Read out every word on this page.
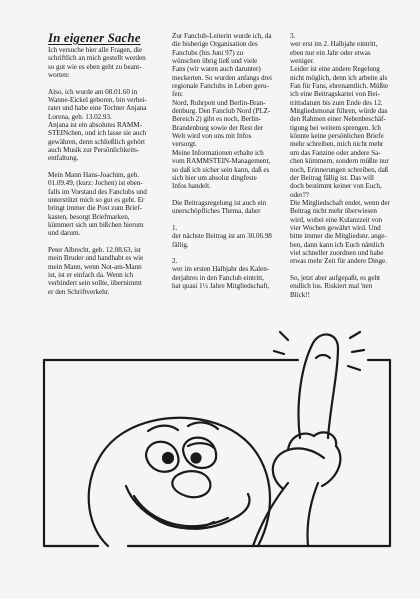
In eigener Sache

Ich versuche hier alle Fragen, die
schriftlich an mich gestellt werden
so gut wie es eben geht zu beant-
worten:

Also, ich wurde am 08.01.60 in
Wanne-Eickel geboren, bin verhei-
ratet und habe eine Tochter Anjana
Lorena, geb. 13.02.93.
Anjana ist ein absolutes RAMM-
STEINchen, und ich lasse sie auch
gewähren, denn schließlich gehört
auch Musik zur Persönlichkeits-
entfaltung.

Mein Mann Hans-Joachim, geb.
01.09.49, (kurz: Jochen) ist eben-
falls im Vorstand des Fanclubs und
unterstützt mich so gut es geht. Er
bringt immer die Post zum Brief-
kasten, besorgt Briefmarken,
kümmert sich um bißchen hierum
und darum.

Peter Albrecht, geb. 12.08.63, ist
mein Bruder und handhabt es wie
mein Mann, wenn Not-am-Mann
ist, ist er einfach da. Wenn ich
verhindert sein sollte, übernimmt
er den Schriftverkehr.

Zur Fanclub-Leiterin wurde ich, da
die bisherige Organisation des
Fanclubs (bis Juni 97) zu
wünschen übrig ließ und viele
Fans (wir waren auch darunter)
meckerten. So wurden anfangs drei
regionale Fanclubs in Leben geru-
fen:
Nord, Ruhrpott und Berlin-Bran-
denburg. Den Fanclub Nord (PLZ-
Bereich 2) gibt es noch, Berlin-
Brandenburg sowie der Rest der
Welt wird von uns mit Infos
versorgt.
Meine Informationen erhalte ich
vom RAMMSTEIN-Management,
so daß ich sicher sein kann, daß es
sich hier um absolut dingfeste
Infos handelt.

Die Beitragsregelung ist auch ein
unerschöpfliches Thema, daher

1.
der nächste Beitrag ist am 30.06.98
fällig.

2.
wer im ersten Halbjahr des Kalen-
derjahres in den Fanclub eintritt,
hat quasi 1½ Jahre Mitgliedschaft,

3.
wer erst im 2. Halbjahr eintritt,
eben nur ein Jahr oder etwas
weniger.
Leider ist eine andere Regelung
nicht möglich, denn ich arbeite als
Fan für Fans, ehrenamtlich. Müßte
ich eine Beitragskartei von Bei-
trittsdatum bis zum Ende des 12.
Mitgliedsmonat führen, würde das
den Rahmen einer Nebenbeschäf-
tigung bei weitem sprengen. Ich
könnte keine persönlichen Briefe
mehr schreiben, mich nicht mehr
um das Fanzine oder andere Sa-
chen kümmern, sondern müßte nur
noch, Erinnerungen schreiben, daß
der Beitrag fällig ist. Das will
doch bestimmt keiner von Euch,
oder??
Die Mitgliedschaft endet, wenn der
Beitrag nicht mehr überwiesen
wird, wobei eine Kulanzzeit von
vier Wochen gewährt wird. Und
bitte immer die Mitgliedsnr. ange-
ben, dann kann ich Euch nämlich
viel schneller zuordnen und habe
etwas mehr Zeit für andere Dinge.

So, jetzt aber aufgepaßt, es geht
endlich los. Riskiert mal 'nen
Blick!!
